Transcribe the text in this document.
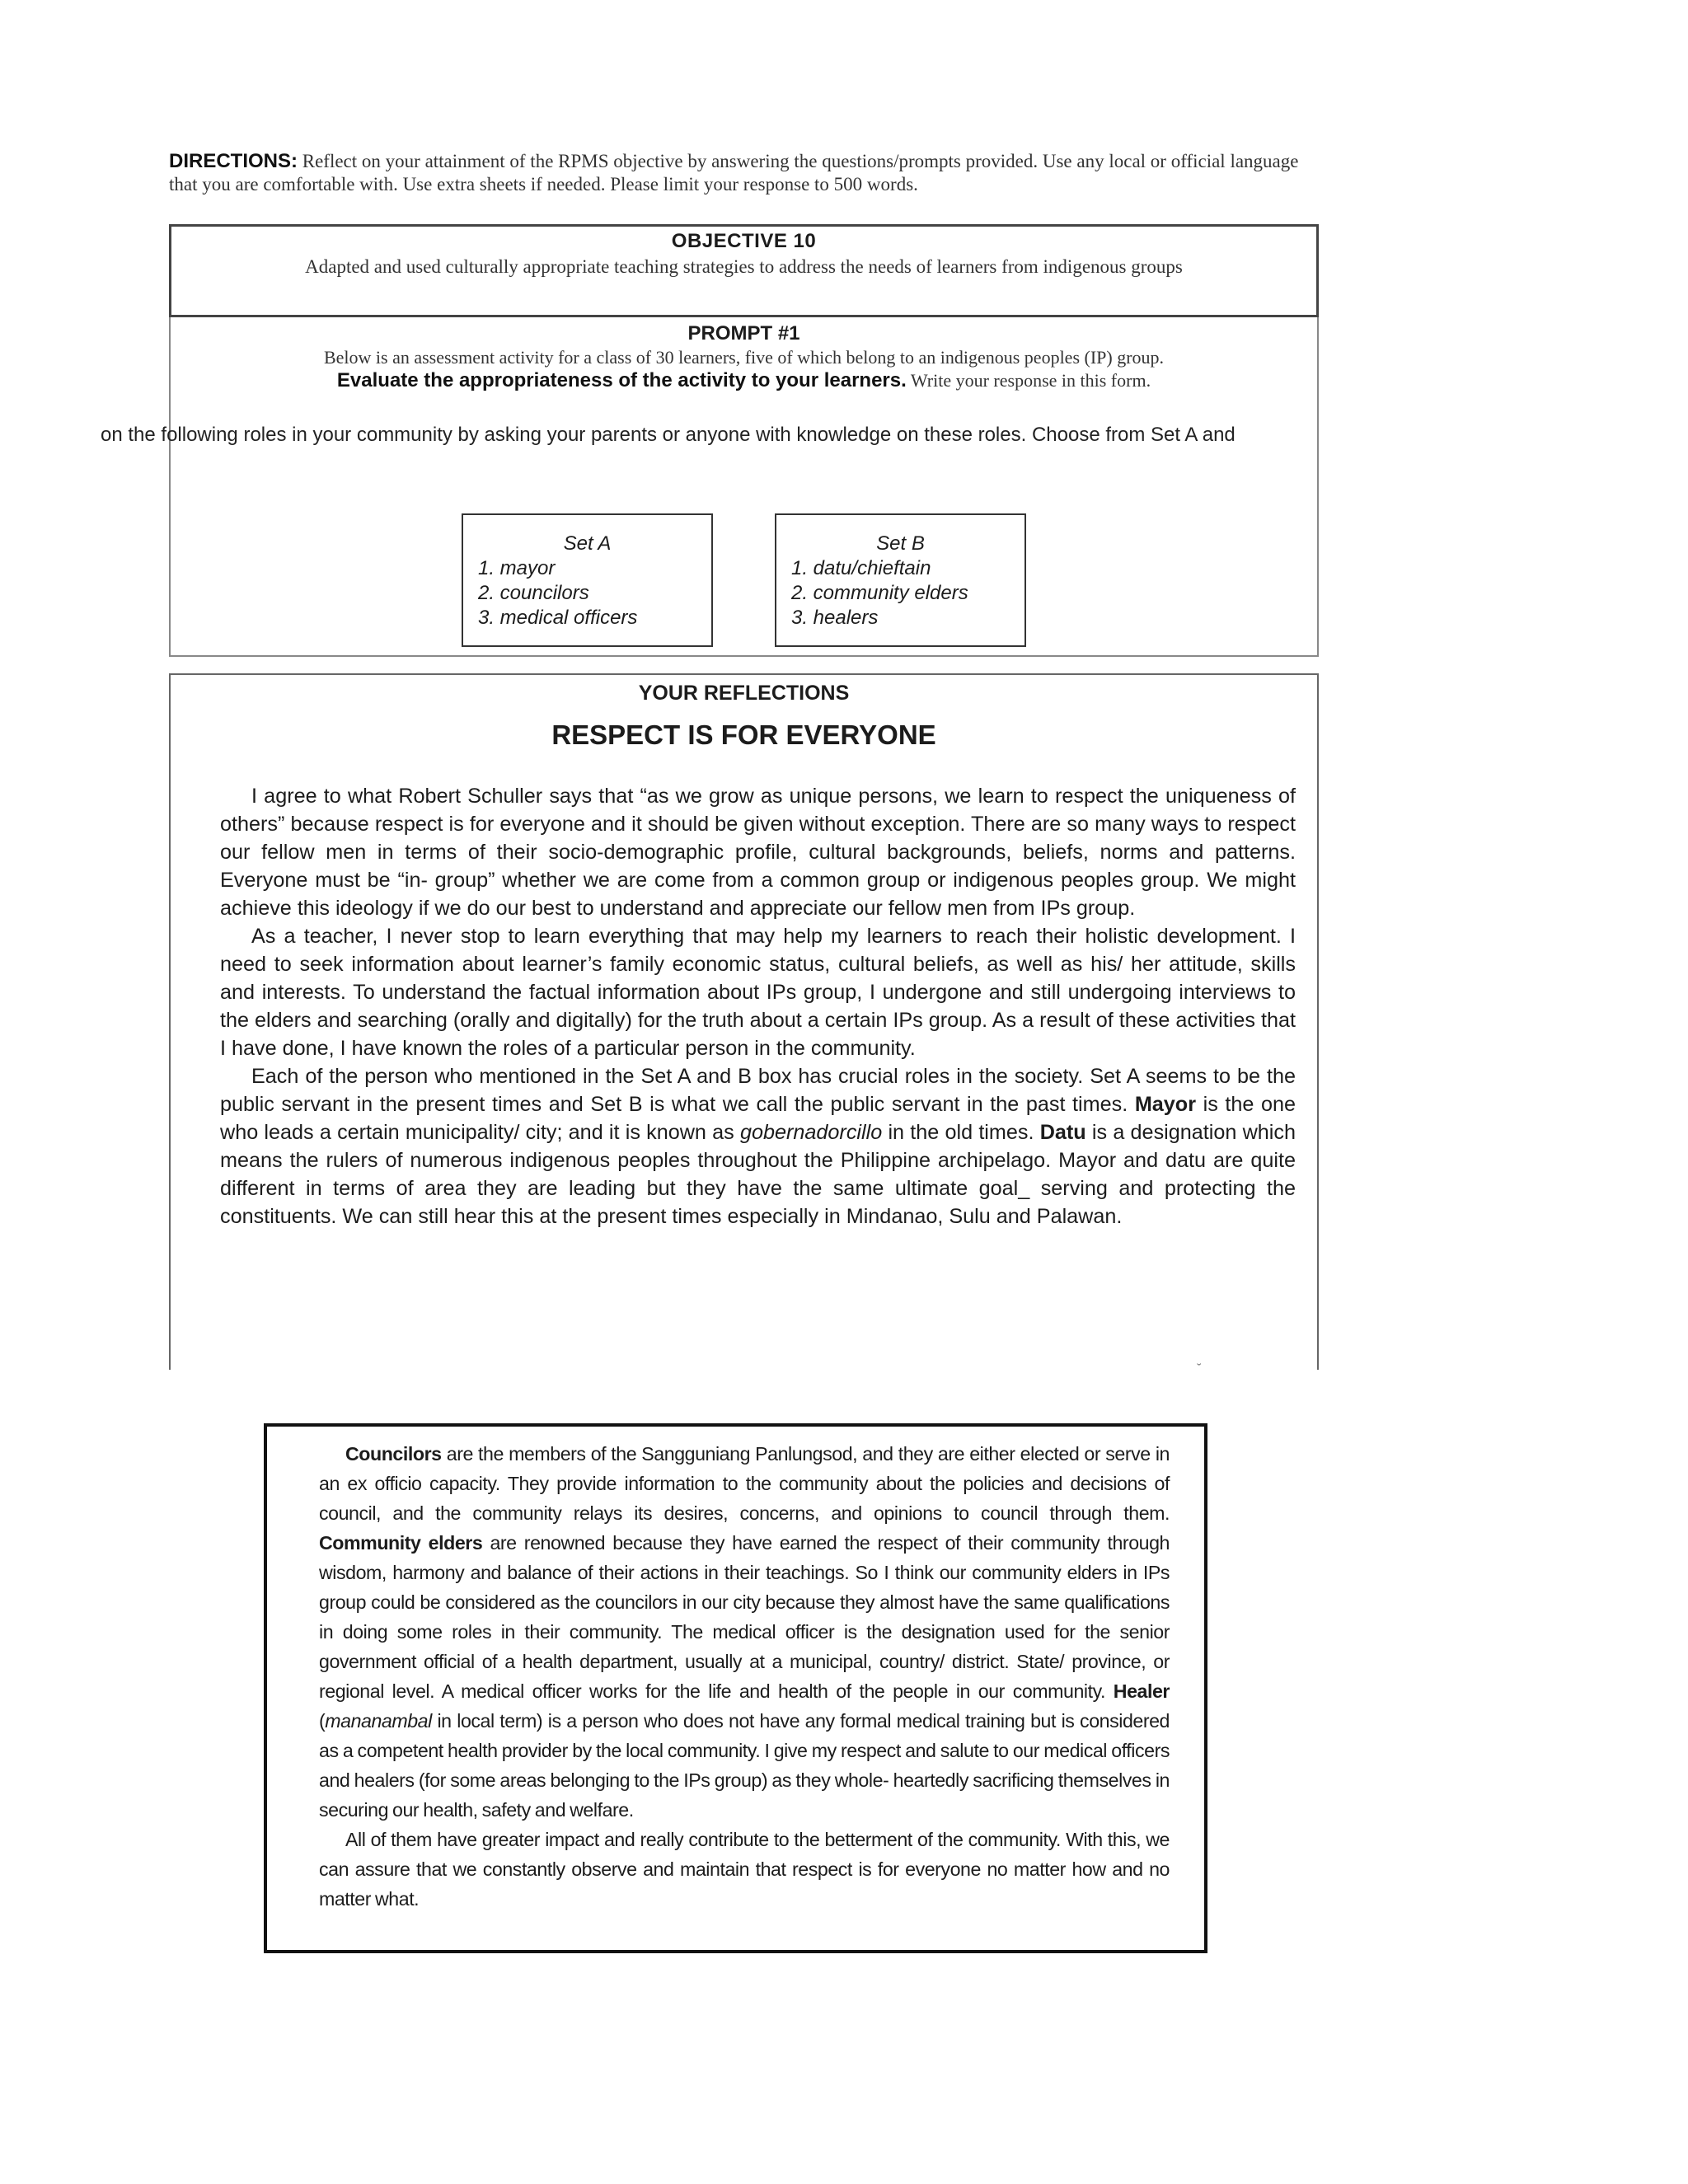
DIRECTIONS: Reflect on your attainment of the RPMS objective by answering the questions/prompts provided. Use any local or official language that you are comfortable with. Use extra sheets if needed. Please limit your response to 500 words.
OBJECTIVE 10
Adapted and used culturally appropriate teaching strategies to address the needs of learners from indigenous groups
PROMPT #1
Below is an assessment activity for a class of 30 learners, five of which belong to an indigenous peoples (IP) group.
Evaluate the appropriateness of the activity to your learners. Write your response in this form.
on the following roles in your community by asking your parents or anyone with knowledge on these roles. Choose from Set A and
Set A
1. mayor
2. councilors
3. medical officers
Set B
1. datu/chieftain
2. community elders
3. healers
YOUR REFLECTIONS
RESPECT IS FOR EVERYONE

I agree to what Robert Schuller says that “as we grow as unique persons, we learn to respect the uniqueness of others” because respect is for everyone and it should be given without exception. There are so many ways to respect our fellow men in terms of their socio-demographic profile, cultural backgrounds, beliefs, norms and patterns. Everyone must be “in- group” whether we are come from a common group or indigenous peoples group. We might achieve this ideology if we do our best to understand and appreciate our fellow men from IPs group.

As a teacher, I never stop to learn everything that may help my learners to reach their holistic development. I need to seek information about learner’s family economic status, cultural beliefs, as well as his/ her attitude, skills and interests. To understand the factual information about IPs group, I undergone and still undergoing interviews to the elders and searching (orally and digitally) for the truth about a certain IPs group. As a result of these activities that I have done, I have known the roles of a particular person in the community.

Each of the person who mentioned in the Set A and B box has crucial roles in the society. Set A seems to be the public servant in the present times and Set B is what we call the public servant in the past times. Mayor is the one who leads a certain municipality/ city; and it is known as gobernadorcillo in the old times. Datu is a designation which means the rulers of numerous indigenous peoples throughout the Philippine archipelago. Mayor and datu are quite different in terms of area they are leading but they have the same ultimate goal_ serving and protecting the constituents. We can still hear this at the present times especially in Mindanao, Sulu and Palawan.

˘

Councilors are the members of the Sangguniang Panlungsod, and they are either elected or serve in an ex officio capacity. They provide information to the community about the policies and decisions of council, and the community relays its desires, concerns, and opinions to council through them. Community elders are renowned because they have earned the respect of their community through wisdom, harmony and balance of their actions in their teachings. So I think our community elders in IPs group could be considered as the councilors in our city because they almost have the same qualifications in doing some roles in their community. The medical officer is the designation used for the senior government official of a health department, usually at a municipal, country/ district. State/ province, or regional level. A medical officer works for the life and health of the people in our community. Healer (mananambal in local term) is a person who does not have any formal medical training but is considered as a competent health provider by the local community. I give my respect and salute to our medical officers and healers (for some areas belonging to the IPs group) as they whole- heartedly sacrificing themselves in securing our health, safety and welfare.

All of them have greater impact and really contribute to the betterment of the community. With this, we can assure that we constantly observe and maintain that respect is for everyone no matter how and no matter what.
